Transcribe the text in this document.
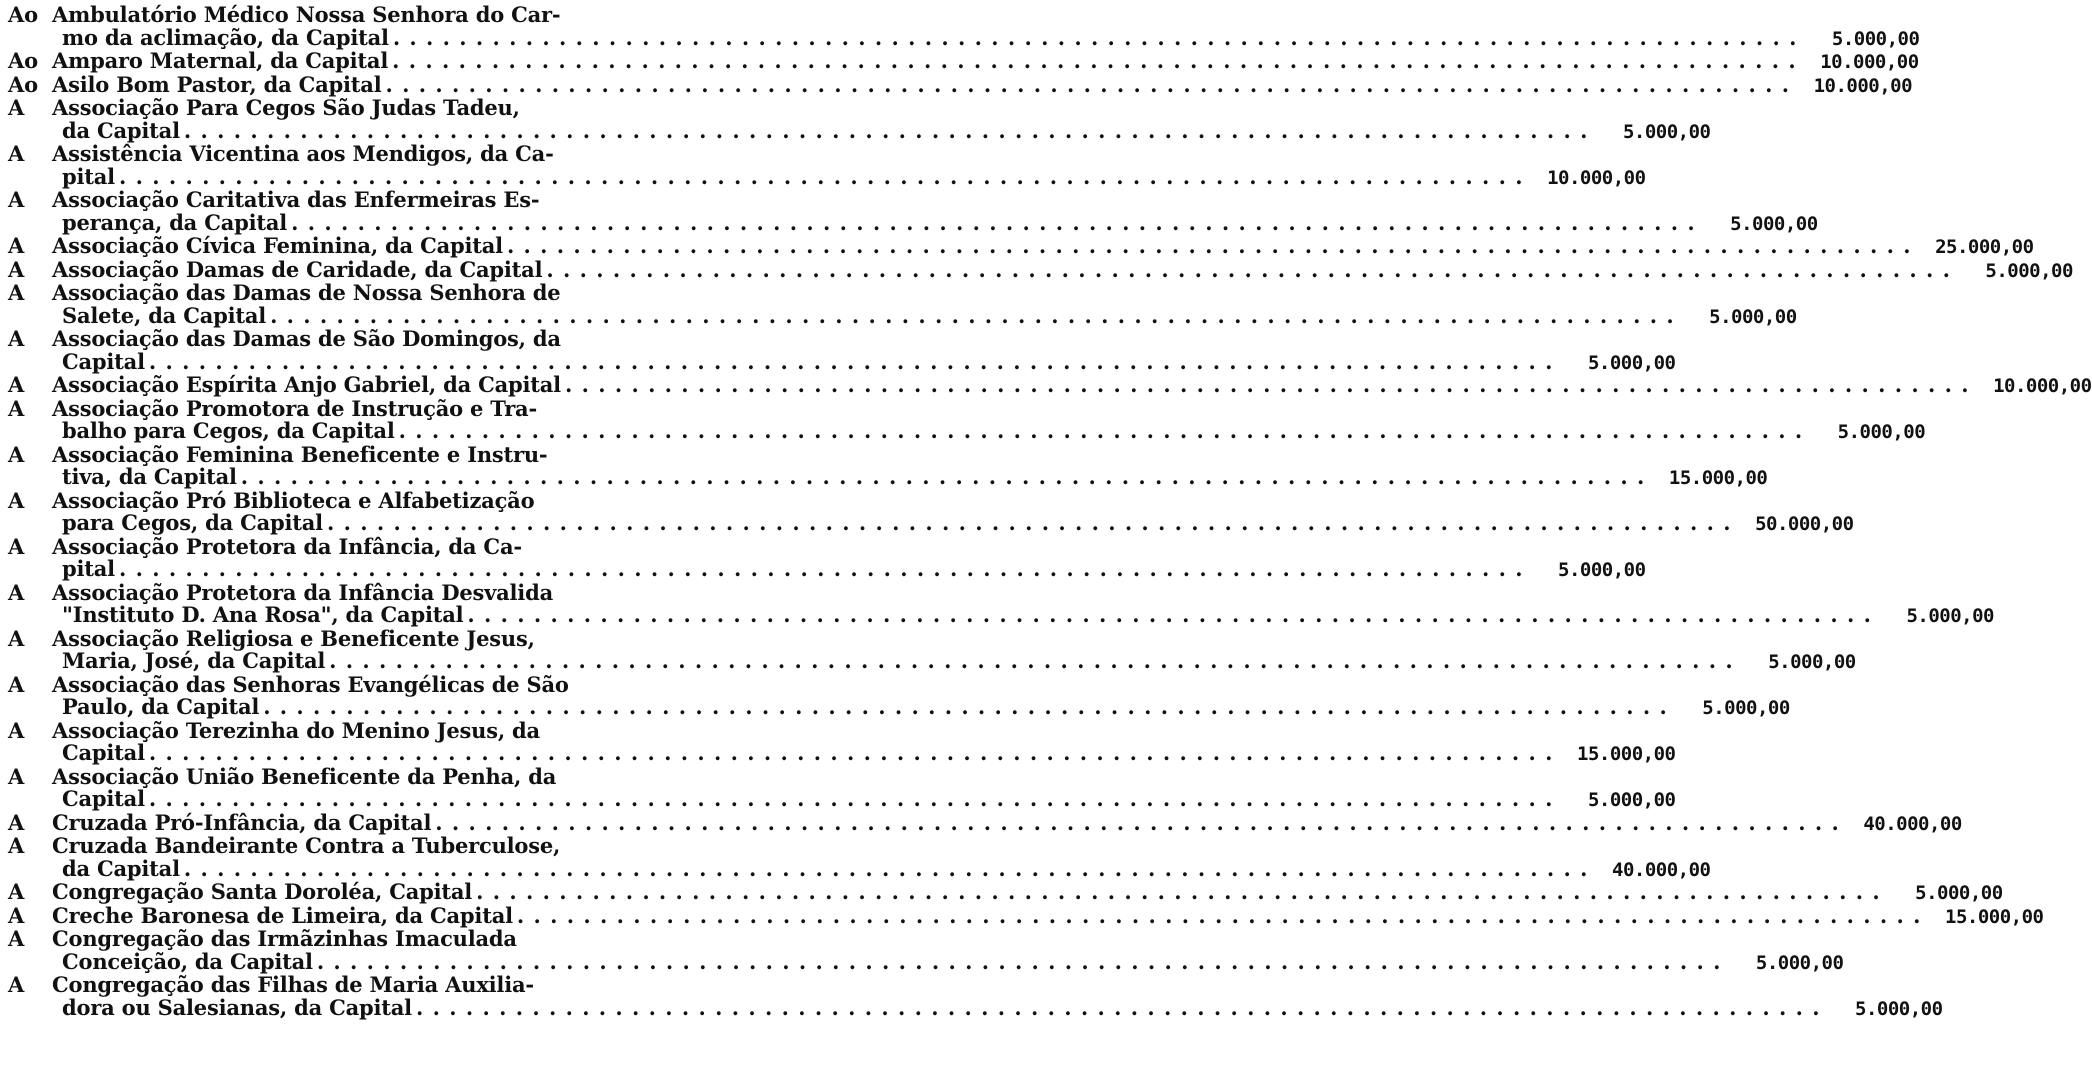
Ao Ambulatório Médico Nossa Senhora do Car-
mo da aclimação, da Capital . . .	5.000,00
Ao Amparo Maternal, da Capital . . .	10.000,00
Ao Asilo Bom Pastor, da Capital . . .	10.000,00
A	Associação Para Cegos São Judas Tadeu,
da Capital . . .	5.000,00
A	Assistência Vicentina aos Mendigos, da Ca-
pital . . .	10.000,00
A	Associação Caritativa das Enfermeiras Es-
perança, da Capital . . .	5.000,00
A	Associação Cívica Feminina, da Capital . . .	25.000,00
A	Associação Damas de Caridade, da Capital . . .	5.000,00
A	Associação das Damas de Nossa Senhora de
Salete, da Capital . . .	5.000,00
A	Associação das Damas de São Domingos, da
Capital . . .	5.000,00
A	Associação Espírita Anjo Gabriel, da Capital . . .	10.000,00
A	Associação Promotora de Instrução e Tra-
balho para Cegos, da Capital . . .	5.000,00
A	Associação Feminina Beneficente e Instru-
tiva, da Capital . . .	15.000,00
A	Associação Pró Biblioteca e Alfabetização
para Cegos, da Capital . . .	50.000,00
A	Associação Protetora da Infância, da Ca-
pital . . .	5.000,00
A	Associação Protetora da Infância Desvalida
"Instituto D. Ana Rosa", da Capital . . .	5.000,00
A	Associação Religiosa e Beneficente Jesus,
Maria, José, da Capital . . .	5.000,00
A	Associação das Senhoras Evangélicas de São
Paulo, da Capital . . .	5.000,00
A	Associação Terezinha do Menino Jesus, da
Capital . . .	15.000,00
A	Associação União Beneficente da Penha, da
Capital . . .	5.000,00
A	Cruzada Pró-Infância, da Capital . . .	40.000,00
A	Cruzada Bandeirante Contra a Tuberculose,
da Capital . . .	40.000,00
A	Congregação Santa Doroléa, Capital . . .	5.000,00
A	Creche Baronesa de Limeira, da Capital . . .	15.000,00
A	Congregação das Irmãzinhas Imaculada
Conceição, da Capital . . .	5.000,00
A	Congregação das Filhas de Maria Auxilia-
dora ou Salesianas, da Capital . . .	5.000,00
